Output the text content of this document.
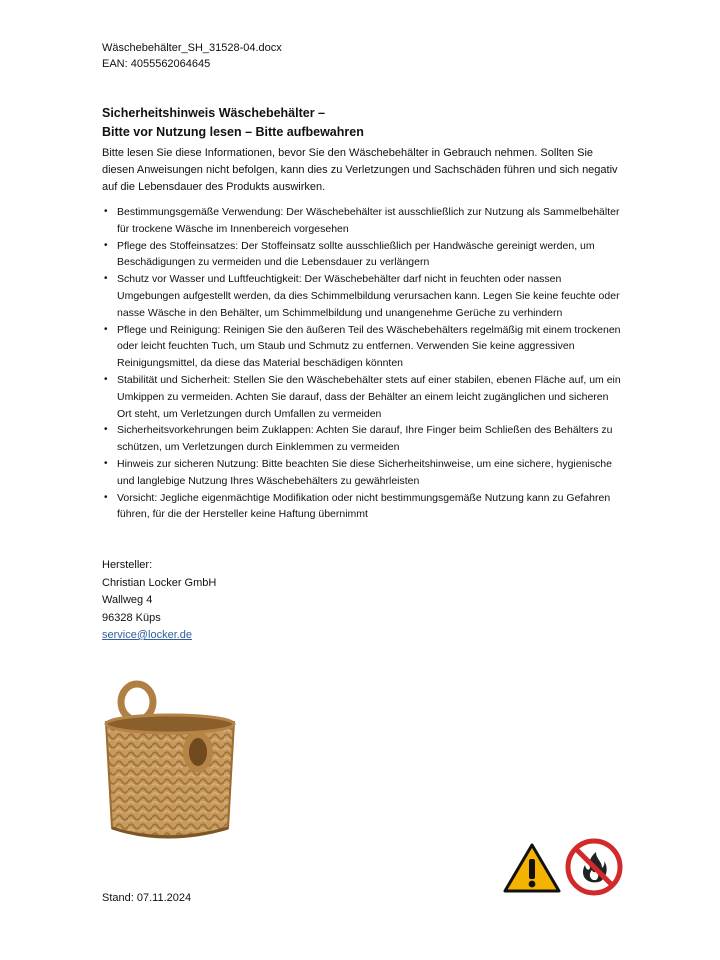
Wäschebehälter_SH_31528-04.docx
EAN: 4055562064645
Sicherheitshinweis Wäschebehälter –
Bitte vor Nutzung lesen – Bitte aufbewahren
Bitte lesen Sie diese Informationen, bevor Sie den Wäschebehälter in Gebrauch nehmen. Sollten Sie diesen Anweisungen nicht befolgen, kann dies zu Verletzungen und Sachschäden führen und sich negativ auf die Lebensdauer des Produkts auswirken.
• Bestimmungsgemäße Verwendung: Der Wäschebehälter ist ausschließlich zur Nutzung als Sammelbehälter für trockene Wäsche im Innenbereich vorgesehen
• Pflege des Stoffeinsatzes: Der Stoffeinsatz sollte ausschließlich per Handwäsche gereinigt werden, um Beschädigungen zu vermeiden und die Lebensdauer zu verlängern
• Schutz vor Wasser und Luftfeuchtigkeit: Der Wäschebehälter darf nicht in feuchten oder nassen Umgebungen aufgestellt werden, da dies Schimmelbildung verursachen kann. Legen Sie keine feuchte oder nasse Wäsche in den Behälter, um Schimmelbildung und unangenehme Gerüche zu verhindern
• Pflege und Reinigung: Reinigen Sie den äußeren Teil des Wäschebehälters regelmäßig mit einem trockenen oder leicht feuchten Tuch, um Staub und Schmutz zu entfernen. Verwenden Sie keine aggressiven Reinigungsmittel, da diese das Material beschädigen könnten
• Stabilität und Sicherheit: Stellen Sie den Wäschebehälter stets auf einer stabilen, ebenen Fläche auf, um ein Umkippen zu vermeiden. Achten Sie darauf, dass der Behälter an einem leicht zugänglichen und sicheren Ort steht, um Verletzungen durch Umfallen zu vermeiden
• Sicherheitsvorkehrungen beim Zuklappen: Achten Sie darauf, Ihre Finger beim Schließen des Behälters zu schützen, um Verletzungen durch Einklemmen zu vermeiden
• Hinweis zur sicheren Nutzung: Bitte beachten Sie diese Sicherheitshinweise, um eine sichere, hygienische und langlebige Nutzung Ihres Wäschebehälters zu gewährleisten
• Vorsicht: Jegliche eigenmächtige Modifikation oder nicht bestimmungsgemäße Nutzung kann zu Gefahren führen, für die der Hersteller keine Haftung übernimmt
Hersteller:
Christian Locker GmbH
Wallweg 4
96328 Küps
service@locker.de
Stand: 07.11.2024
